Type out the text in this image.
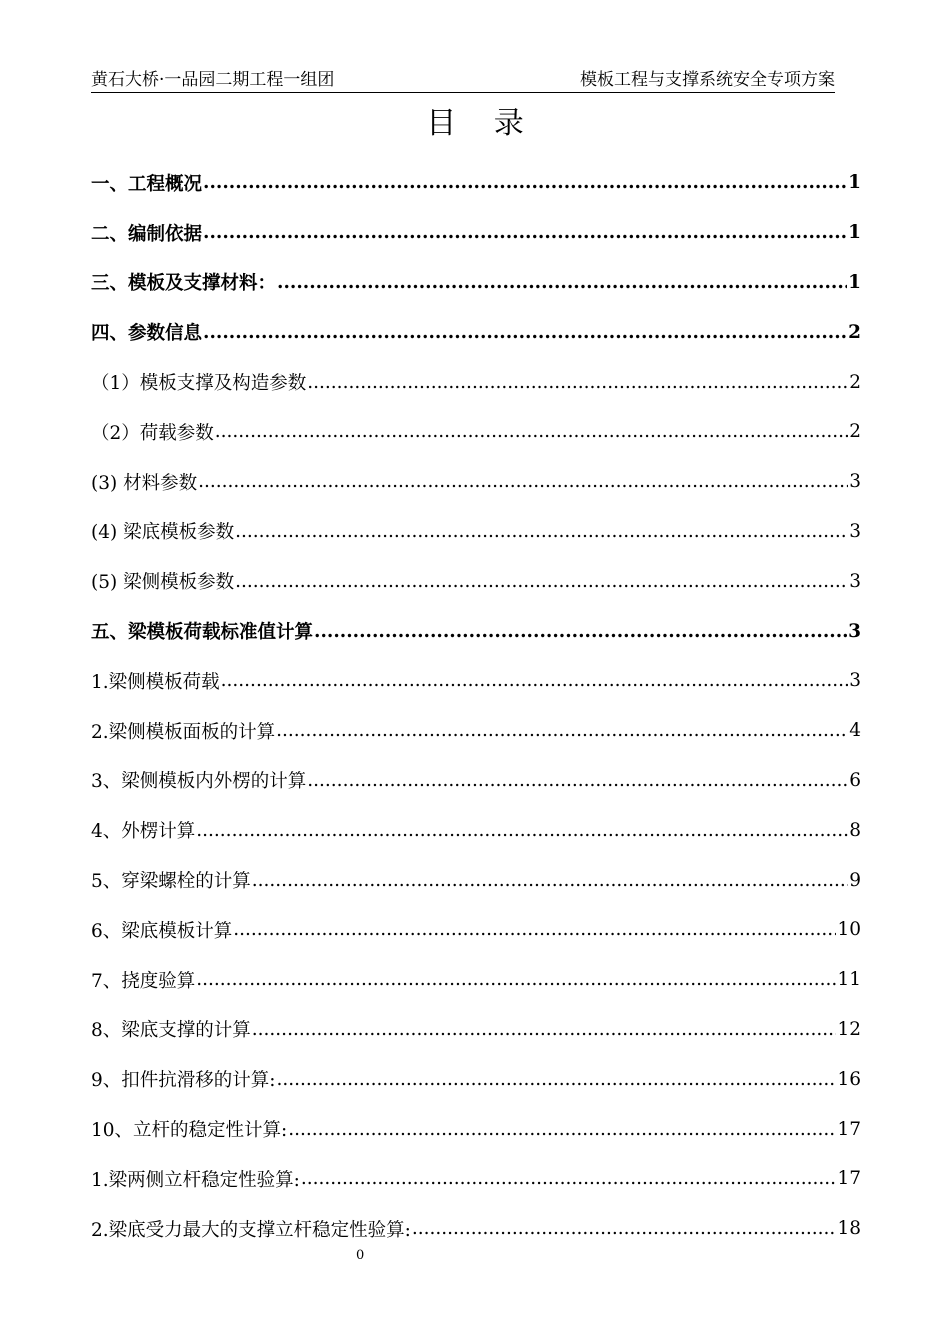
黄石大桥·一品园二期工程一组团	模板工程与支撑系统安全专项方案
目 录
一、工程概况 .....	1
二、编制依据 .....	1
三、模板及支撑材料： .....	1
四、参数信息 .....	2
（1）模板支撑及构造参数 .....	2
（2）荷载参数 .....	2
(3) 材料参数 .....	3
(4) 梁底模板参数 .....	3
(5) 梁侧模板参数 .....	3
五、梁模板荷载标准值计算 .....	3
1.梁侧模板荷载 .....	3
2.梁侧模板面板的计算 .....	4
3、梁侧模板内外楞的计算 .....	6
4、外楞计算 .....	8
5、穿梁螺栓的计算 .....	9
6、梁底模板计算 .....	10
7、挠度验算 .....	11
8、梁底支撑的计算 .....	12
9、扣件抗滑移的计算: .....	16
10、立杆的稳定性计算: .....	17
1.梁两侧立杆稳定性验算: .....	17
2.梁底受力最大的支撑立杆稳定性验算: .....	18
0
